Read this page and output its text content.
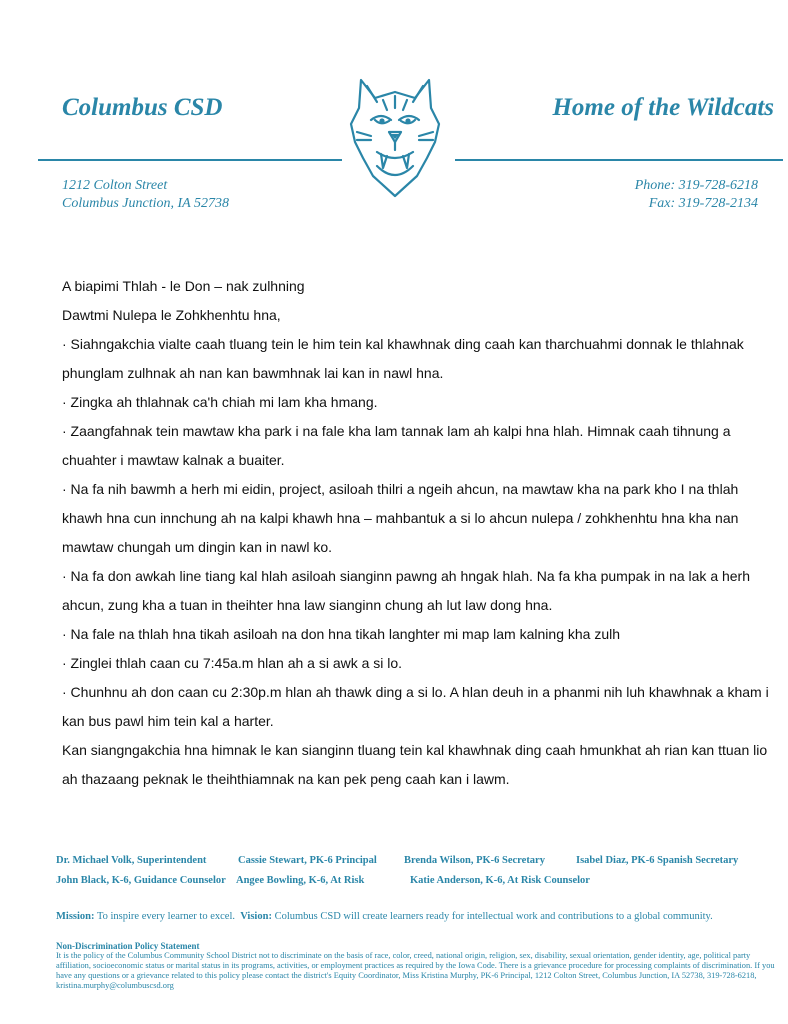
Columbus CSD	Home of the Wildcats
1212 Colton Street
Columbus Junction, IA 52738
Phone: 319-728-6218
Fax: 319-728-2134

A biapimi Thlah - le Don – nak zulhning

Dawtmi Nulepa le Zohkhenhtu hna,

· Siahngakchia vialte caah tluang tein le him tein kal khawhnak ding caah kan tharchuahmi donnak le thlahnak phunglam zulhnak ah nan kan bawmhnak lai kan in nawl hna.

· Zingka ah thlahnak ca'h chiah mi lam kha hmang.

· Zaangfahnak tein mawtaw kha park i na fale kha lam tannak lam ah kalpi hna hlah. Himnak caah tihnung a chuahter i mawtaw kalnak a buaiter.

· Na fa nih bawmh a herh mi eidin, project, asiloah thilri a ngeih ahcun, na mawtaw kha na park kho I na thlah khawh hna cun innchung ah na kalpi khawh hna – mahbantuk a si lo ahcun nulepa / zohkhenhtu hna kha nan mawtaw chungah um dingin kan in nawl ko.

· Na fa don awkah line tiang kal hlah asiloah sianginn pawng ah hngak hlah. Na fa kha pumpak in na lak a herh ahcun, zung kha a tuan in theihter hna law sianginn chung ah lut law dong hna.

· Na fale na thlah hna tikah asiloah na don hna tikah langhter mi map lam kalning kha zulh

· Zinglei thlah caan cu 7:45a.m hlan ah a si awk a si lo.

· Chunhnu ah don caan cu 2:30p.m hlan ah thawk ding a si lo. A hlan deuh in a phanmi nih luh khawhnak a kham i kan bus pawl him tein kal a harter.

Kan siangngakchia hna himnak le kan sianginn tluang tein kal khawhnak ding caah hmunkhat ah rian kan ttuan lio ah thazaang peknak le theihthiamnak na kan pek peng caah kan i lawm.

Dr. Michael Volk, Superintendent	Cassie Stewart, PK-6 Principal	Brenda Wilson, PK-6 Secretary	Isabel Diaz, PK-6 Spanish Secretary
John Black, K-6, Guidance Counselor Angee Bowling, K-6, At Risk	Katie Anderson, K-6, At Risk Counselor
Mission: To inspire every learner to excel. Vision: Columbus CSD will create learners ready for intellectual work and contributions to a global community.
Non-Discrimination Policy Statement
It is the policy of the Columbus Community School District not to discriminate on the basis of race, color, creed, national origin, religion, sex, disability, sexual orientation, gender identity, age, political party affiliation, socioeconomic status or marital status in its programs, activities, or employment practices as required by the Iowa Code. There is a grievance procedure for processing complaints of discrimination. If you have any questions or a grievance related to this policy please contact the district's Equity Coordinator, Miss Kristina Murphy, PK-6 Principal, 1212 Colton Street, Columbus Junction, IA 52738, 319-728-6218, kristina.murphy@columbuscsd.org
